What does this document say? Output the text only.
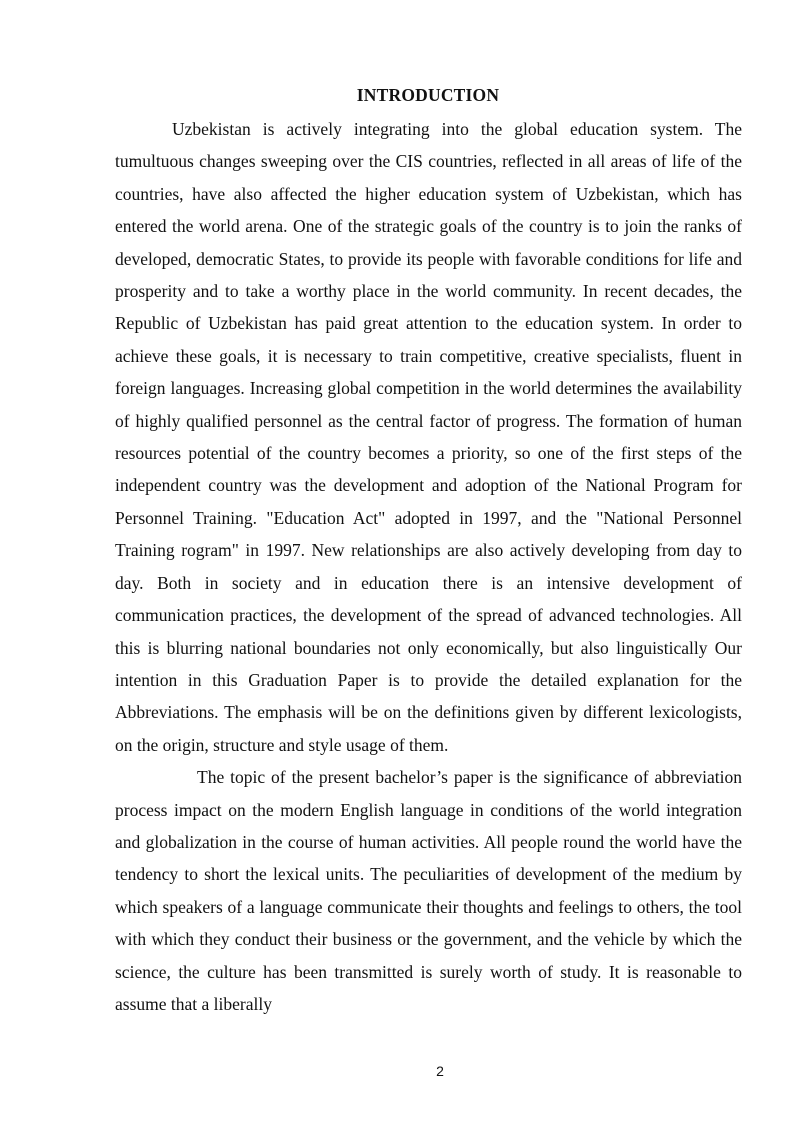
INTRODUCTION

Uzbekistan is actively integrating into the global education system. The tumultuous changes sweeping over the CIS countries, reflected in all areas of life of the countries, have also affected the higher education system of Uzbekistan, which has entered the world arena. One of the strategic goals of the country is to join the ranks of developed, democratic States, to provide its people with favorable conditions for life and prosperity and to take a worthy place in the world community. In recent decades, the Republic of Uzbekistan has paid great attention to the education system. In order to achieve these goals, it is necessary to train competitive, creative specialists, fluent in foreign languages. Increasing global competition in the world determines the availability of highly qualified personnel as the central factor of progress. The formation of human resources potential of the country becomes a priority, so one of the first steps of the independent country was the development and adoption of the National Program for Personnel Training. "Education Act" adopted in 1997, and the "National Personnel Training rogram" in 1997. New relationships are also actively developing from day to day. Both in society and in education there is an intensive development of communication practices, the development of the spread of advanced technologies. All this is blurring national boundaries not only economically, but also linguistically Our intention in this Graduation Paper is to provide the detailed explanation for the Abbreviations. The emphasis will be on the definitions given by different lexicologists, on the origin, structure and style usage of them.

The topic of the present bachelor’s paper is the significance of abbreviation process impact on the modern English language in conditions of the world integration and globalization in the course of human activities. All people round the world have the tendency to short the lexical units. The peculiarities of development of the medium by which speakers of a language communicate their thoughts and feelings to others, the tool with which they conduct their business or the government, and the vehicle by which the science, the culture has been transmitted is surely worth of study. It is reasonable to assume that a liberally

2
